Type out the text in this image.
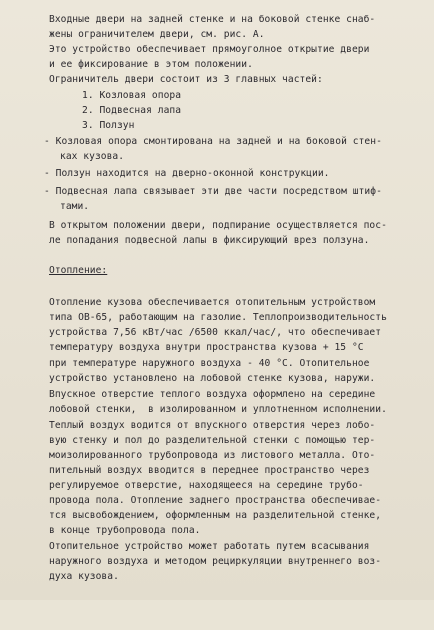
Входные двери на задней стенке и на боковой стенке снаб-

жены ограничителем двери, см. рис. А.

Это устройство обеспечивает прямоуголное открытие двери

и ее фиксирование в этом положении.

Ограничитель двери состоит из 3 главных частей:

1. Козловая опора

2. Подвесная лапа

3. Ползун

- Козловая опора смонтирована на задней и на боковой стен-

ках кузова.

- Ползун находится на дверно-оконной конструкции.

- Подвесная лапа связывает эти две части посредством штиф-

тами.

В открытом положении двери, подпирание осуществляется пос-

ле попадания подвесной лапы в фиксирующий врез ползуна.

Отопление:

Отопление кузова обеспечивается отопительным устройством

типа ОВ-65, работающим на газолие. Теплопроизводительность

устройства 7,56 кВт/час /6500 ккал/час/, что обеспечивает

температуру воздуха внутри пространства кузова + 15 °С

при температуре наружного воздуха - 40 °С. Отопительное

устройство установлено на лобовой стенке кузова, наружи.

Впускное отверстие теплого воздуха оформлено на середине

лобовой стенки,  в изолированном и уплотненном исполнении.

Теплый воздух водится от впускного отверстия через лобо-

вую стенку и пол до разделительной стенки с помощью тер-

моизолированного трубопровода из листового металла. Ото-

пительный воздух вводится в переднее пространство через

регулируемое отверстие, находящееся на середине трубо-

провода пола. Отопление заднего пространства обеспечивае-

тся высвобождением, оформленным на разделительной стенке,

в конце трубопровода пола.

Отопительное устройство может работать путем всасывания

наружного воздуха и методом рециркуляции внутреннего воз-

духа кузова.
